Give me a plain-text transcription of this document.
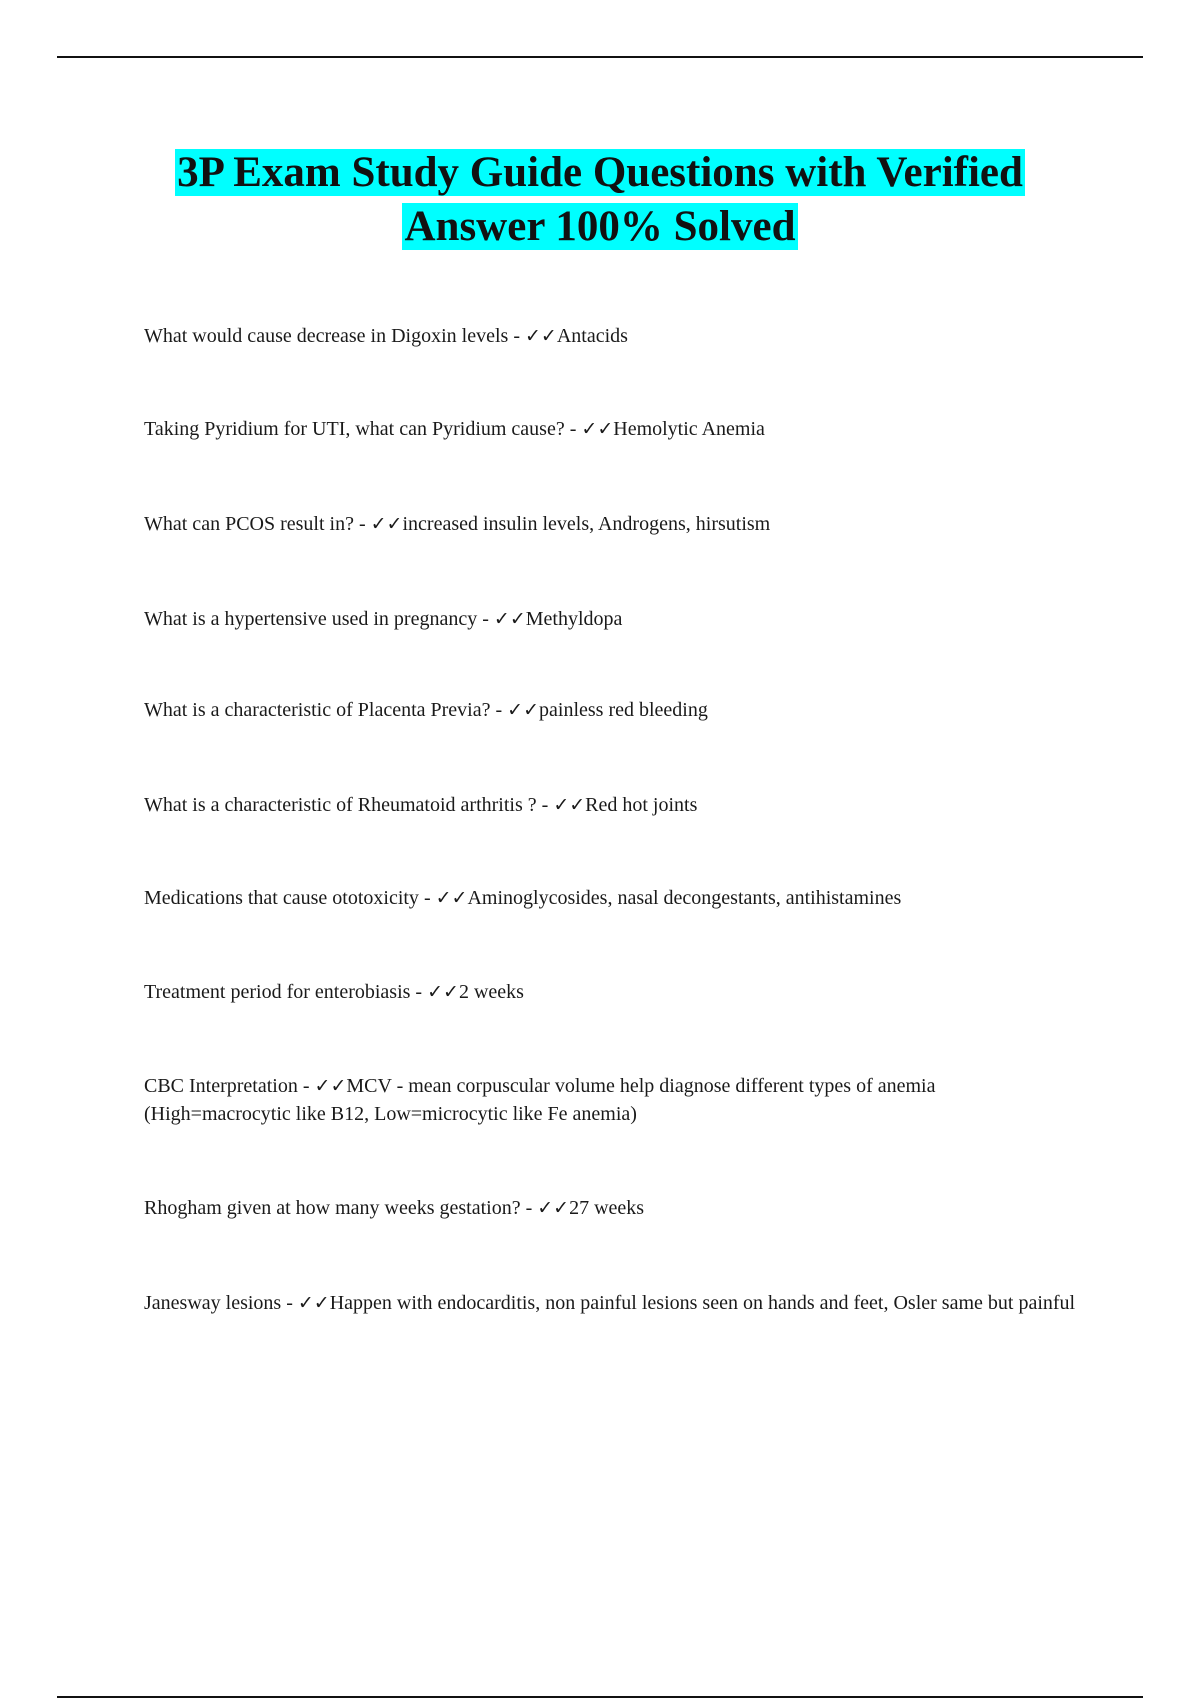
3P Exam Study Guide Questions with Verified
Answer 100% Solved
What would cause decrease in Digoxin levels - ✓✓Antacids
Taking Pyridium for UTI, what can Pyridium cause? - ✓✓Hemolytic Anemia
What can PCOS result in? - ✓✓increased insulin levels, Androgens, hirsutism
What is a hypertensive used in pregnancy - ✓✓Methyldopa
What is a characteristic of Placenta Previa? - ✓✓painless red bleeding
What is a characteristic of Rheumatoid arthritis ? - ✓✓Red hot joints
Medications that cause ototoxicity - ✓✓Aminoglycosides, nasal decongestants, antihistamines
Treatment period for enterobiasis - ✓✓2 weeks
CBC Interpretation - ✓✓MCV - mean corpuscular volume help diagnose different types of anemia (High=macrocytic like B12, Low=microcytic like Fe anemia)
Rhogham given at how many weeks gestation? - ✓✓27 weeks
Janesway lesions - ✓✓Happen with endocarditis, non painful lesions seen on hands and feet, Osler same but painful
